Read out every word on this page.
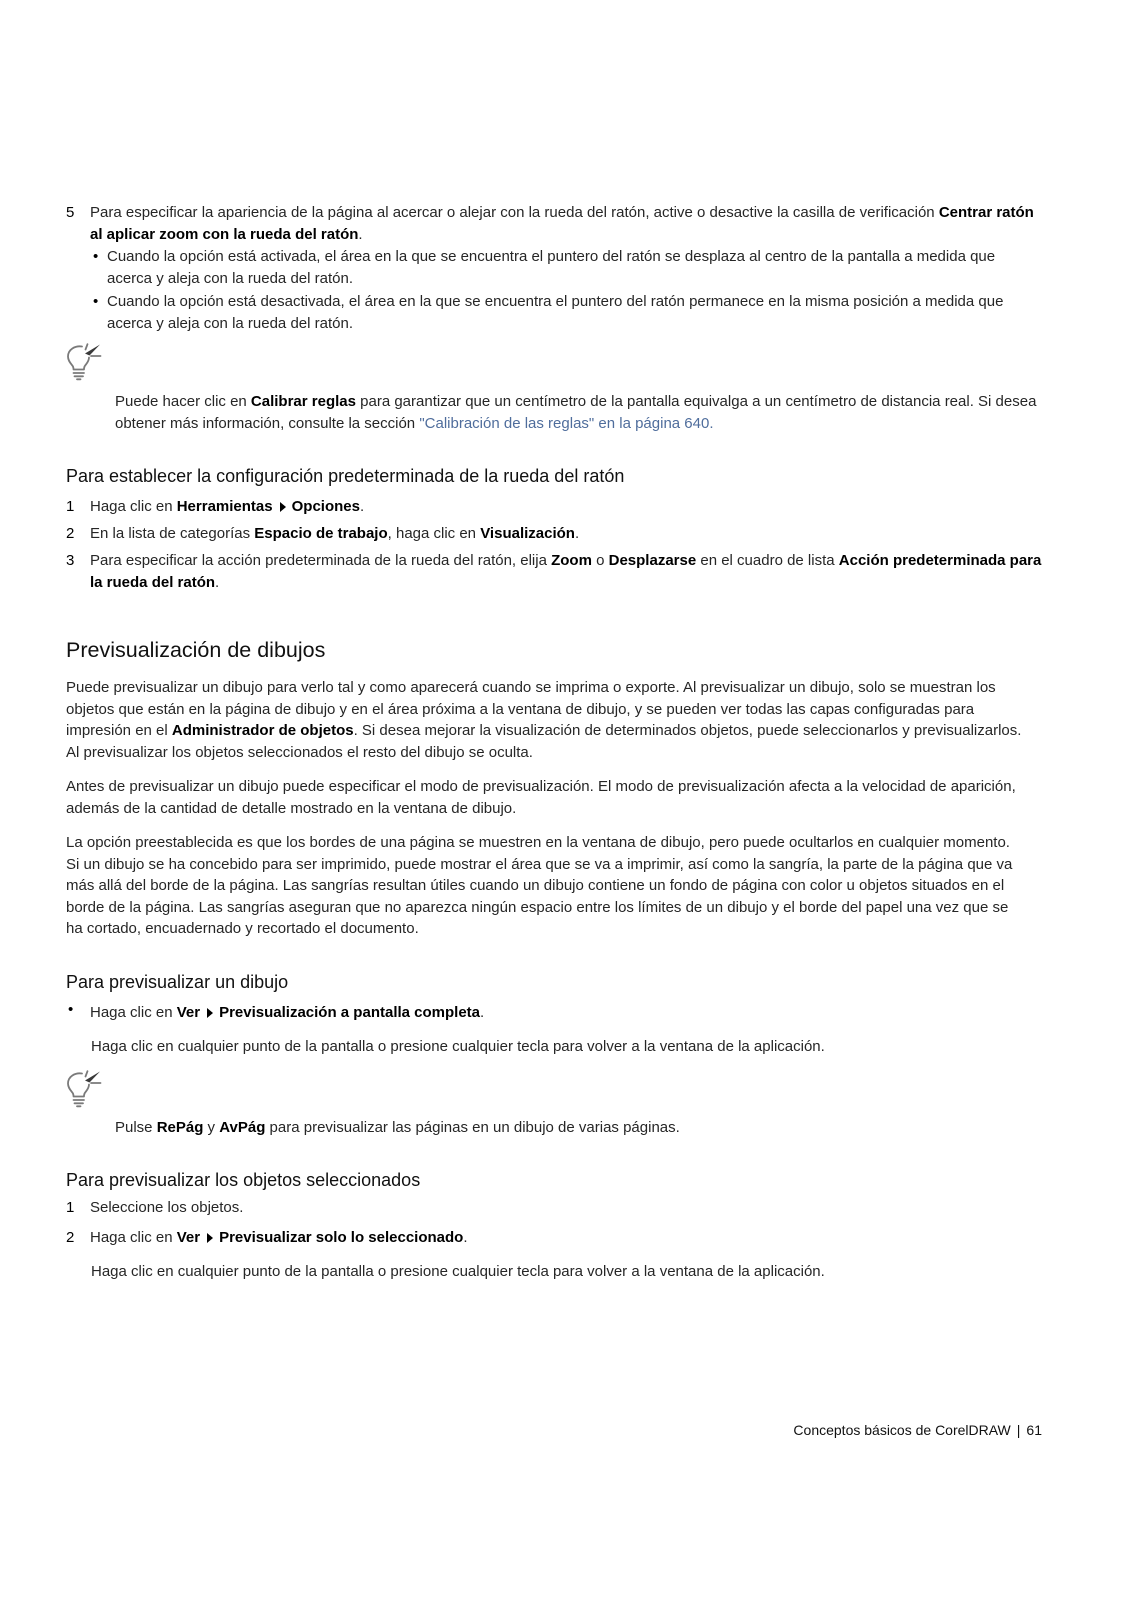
5 Para especificar la apariencia de la página al acercar o alejar con la rueda del ratón, active o desactive la casilla de verificación Centrar ratón al aplicar zoom con la rueda del ratón.
• Cuando la opción está activada, el área en la que se encuentra el puntero del ratón se desplaza al centro de la pantalla a medida que acerca y aleja con la rueda del ratón.
• Cuando la opción está desactivada, el área en la que se encuentra el puntero del ratón permanece en la misma posición a medida que acerca y aleja con la rueda del ratón.
Puede hacer clic en Calibrar reglas para garantizar que un centímetro de la pantalla equivalga a un centímetro de distancia real. Si desea obtener más información, consulte la sección "Calibración de las reglas" en la página 640.
Para establecer la configuración predeterminada de la rueda del ratón
1 Haga clic en Herramientas Opciones.
2 En la lista de categorías Espacio de trabajo, haga clic en Visualización.
3 Para especificar la acción predeterminada de la rueda del ratón, elija Zoom o Desplazarse en el cuadro de lista Acción predeterminada para la rueda del ratón.
Previsualización de dibujos
Puede previsualizar un dibujo para verlo tal y como aparecerá cuando se imprima o exporte. Al previsualizar un dibujo, solo se muestran los objetos que están en la página de dibujo y en el área próxima a la ventana de dibujo, y se pueden ver todas las capas configuradas para impresión en el Administrador de objetos. Si desea mejorar la visualización de determinados objetos, puede seleccionarlos y previsualizarlos. Al previsualizar los objetos seleccionados el resto del dibujo se oculta.
Antes de previsualizar un dibujo puede especificar el modo de previsualización. El modo de previsualización afecta a la velocidad de aparición, además de la cantidad de detalle mostrado en la ventana de dibujo.
La opción preestablecida es que los bordes de una página se muestren en la ventana de dibujo, pero puede ocultarlos en cualquier momento. Si un dibujo se ha concebido para ser imprimido, puede mostrar el área que se va a imprimir, así como la sangría, la parte de la página que va más allá del borde de la página. Las sangrías resultan útiles cuando un dibujo contiene un fondo de página con color u objetos situados en el borde de la página. Las sangrías aseguran que no aparezca ningún espacio entre los límites de un dibujo y el borde del papel una vez que se ha cortado, encuadernado y recortado el documento.
Para previsualizar un dibujo
• Haga clic en Ver Previsualización a pantalla completa.
Haga clic en cualquier punto de la pantalla o presione cualquier tecla para volver a la ventana de la aplicación.
Pulse RePág y AvPág para previsualizar las páginas en un dibujo de varias páginas.
Para previsualizar los objetos seleccionados
1 Seleccione los objetos.
2 Haga clic en Ver Previsualizar solo lo seleccionado.
Haga clic en cualquier punto de la pantalla o presione cualquier tecla para volver a la ventana de la aplicación.
Conceptos básicos de CorelDRAW | 61
